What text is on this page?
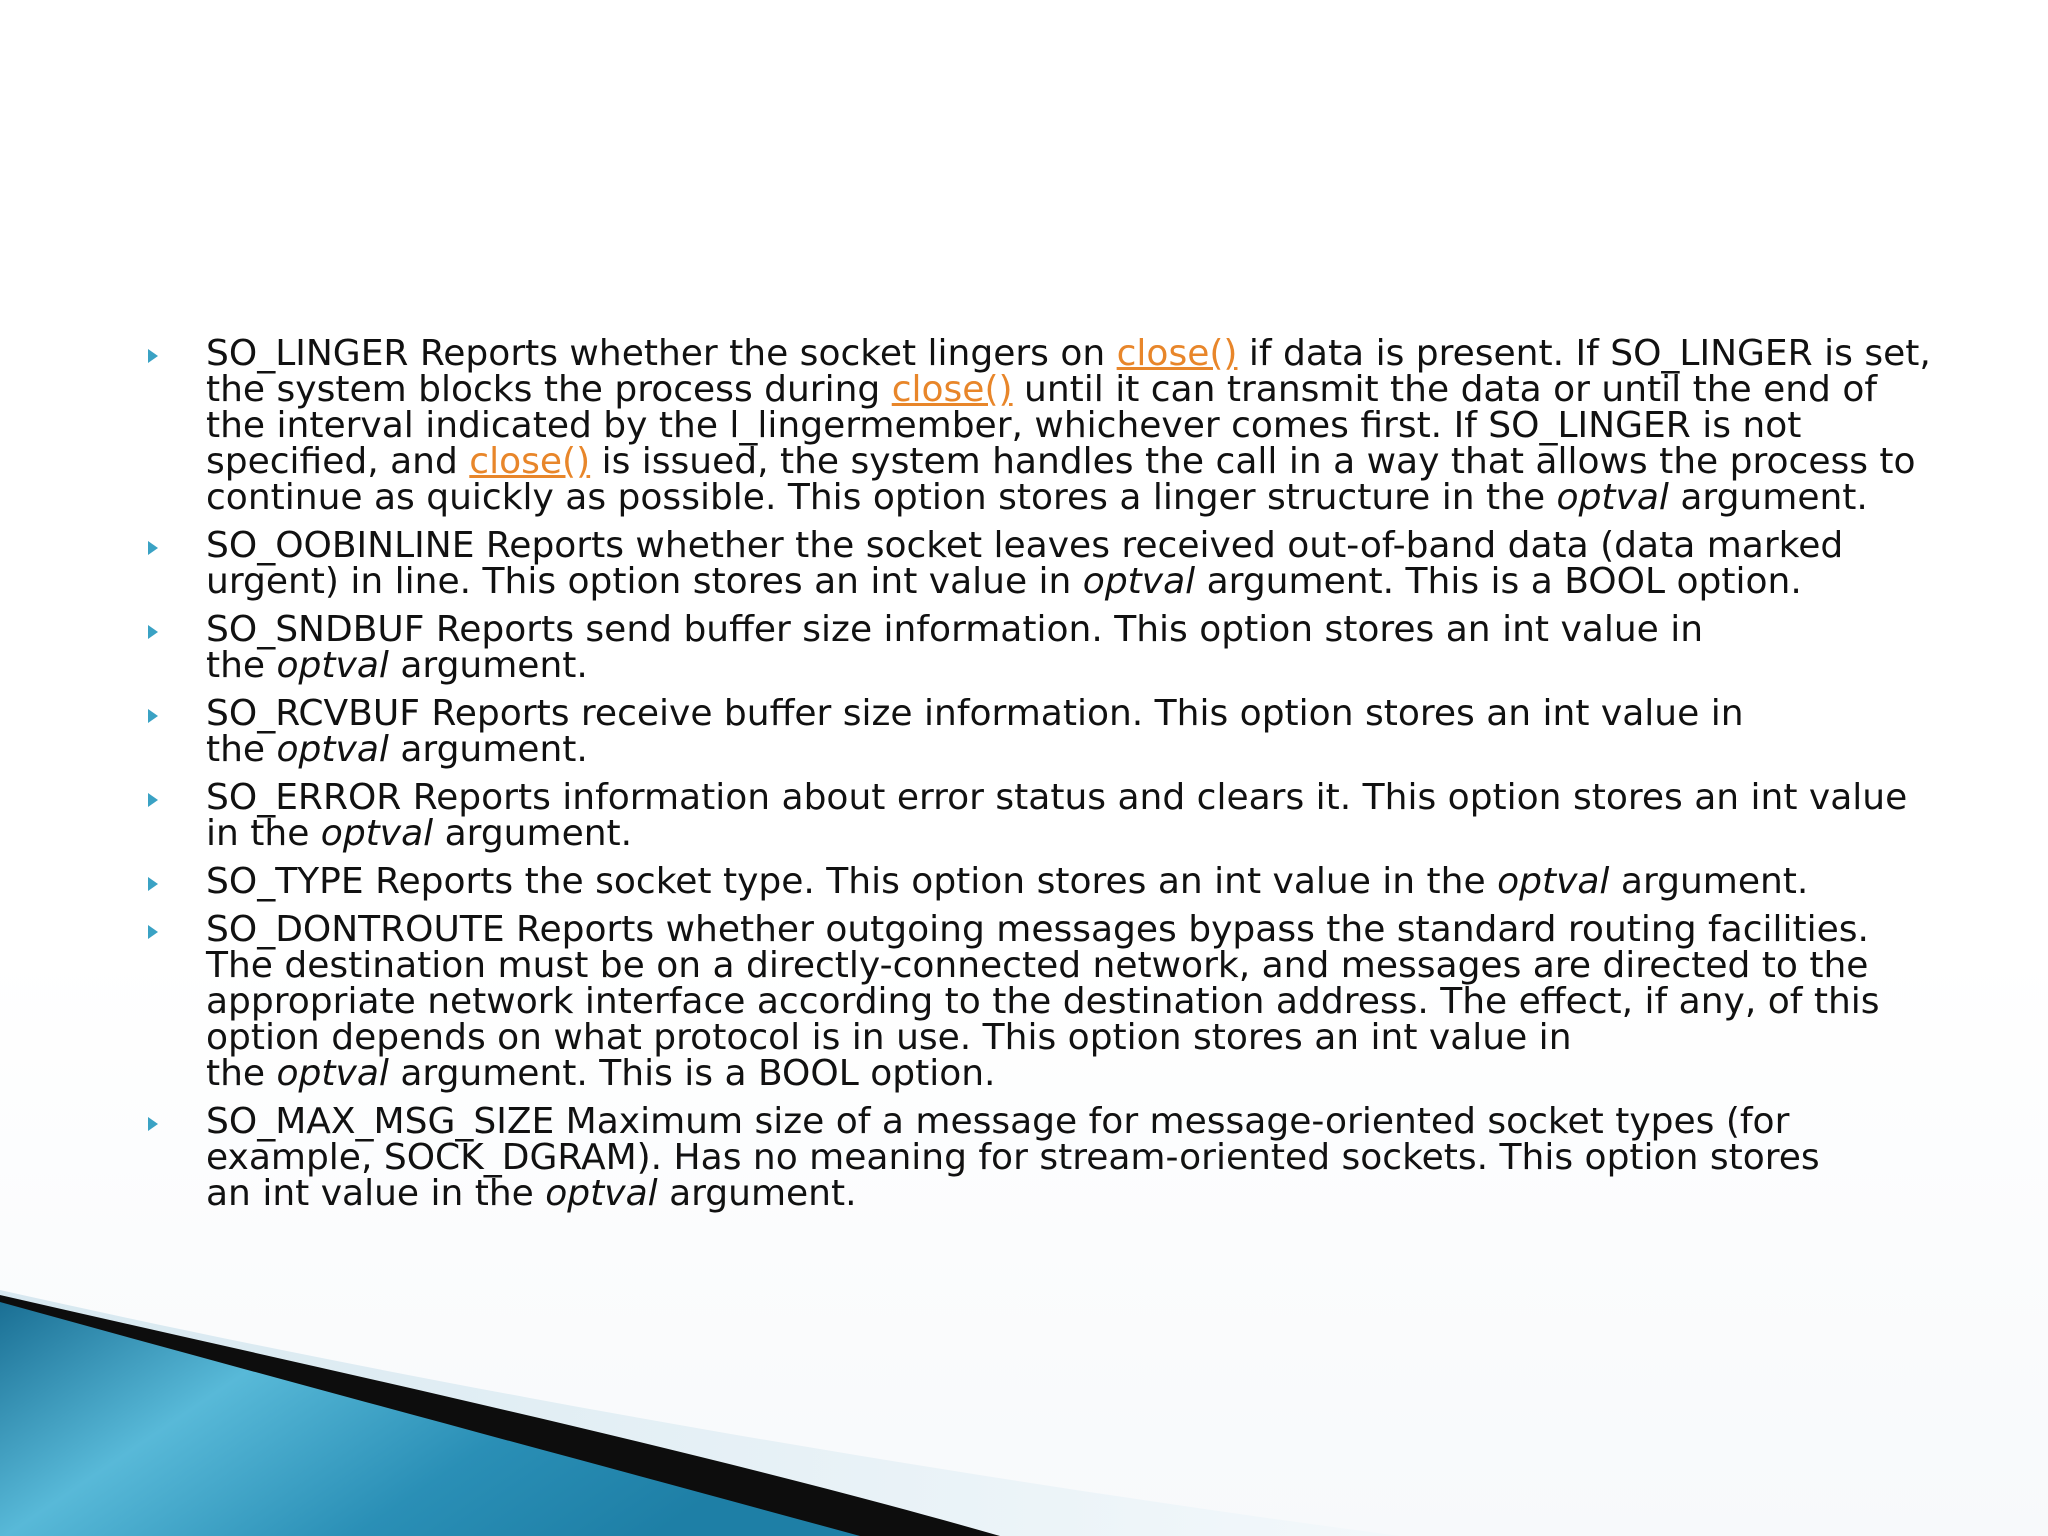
SO_LINGER Reports whether the socket lingers on close() if data is present. If SO_LINGER is set,
the system blocks the process during close() until it can transmit the data or until the end of
the interval indicated by the l_lingermember, whichever comes first. If SO_LINGER is not
specified, and close() is issued, the system handles the call in a way that allows the process to
continue as quickly as possible. This option stores a linger structure in the optval argument.
SO_OOBINLINE Reports whether the socket leaves received out-of-band data (data marked
urgent) in line. This option stores an int value in optval argument. This is a BOOL option.
SO_SNDBUF Reports send buffer size information. This option stores an int value in
the optval argument.
SO_RCVBUF Reports receive buffer size information. This option stores an int value in
the optval argument.
SO_ERROR Reports information about error status and clears it. This option stores an int value
in the optval argument.
SO_TYPE Reports the socket type. This option stores an int value in the optval argument.
SO_DONTROUTE Reports whether outgoing messages bypass the standard routing facilities.
The destination must be on a directly-connected network, and messages are directed to the
appropriate network interface according to the destination address. The effect, if any, of this
option depends on what protocol is in use. This option stores an int value in
the optval argument. This is a BOOL option.
SO_MAX_MSG_SIZE Maximum size of a message for message-oriented socket types (for
example, SOCK_DGRAM). Has no meaning for stream-oriented sockets. This option stores
an int value in the optval argument.
